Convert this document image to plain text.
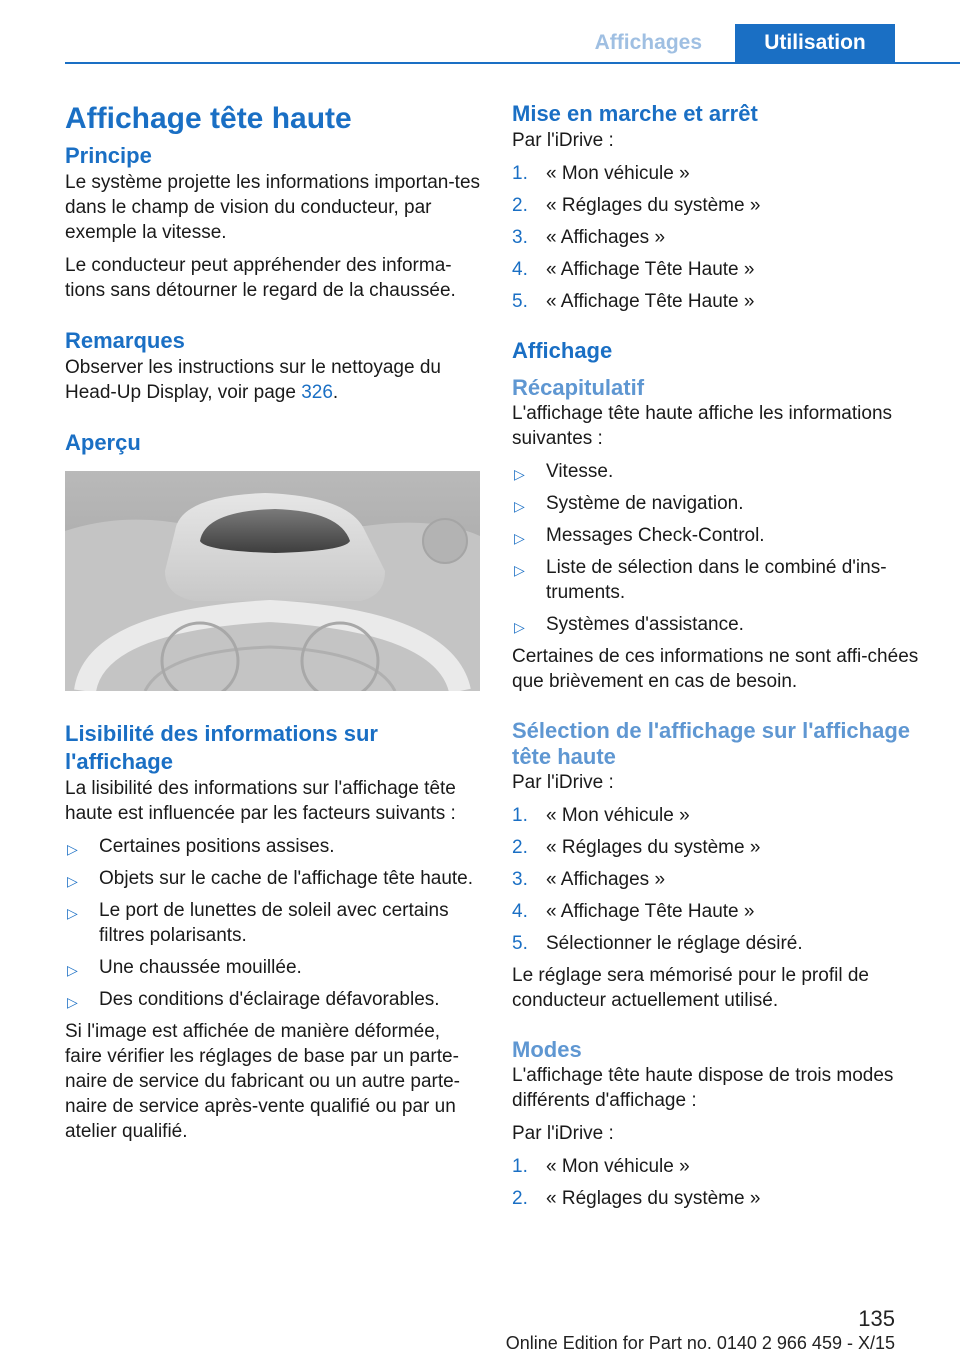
Affichages	Utilisation
Affichage tête haute
Principe

Le système projette les informations importan-tes dans le champ de vision du conducteur, par exemple la vitesse.

Le conducteur peut appréhender des informa-tions sans détourner le regard de la chaussée.

Remarques

Observer les instructions sur le nettoyage du Head-Up Display, voir page 326.

Aperçu
Lisibilité des informations sur l'affichage

La lisibilité des informations sur l'affichage tête haute est influencée par les facteurs suivants :

▷ Certaines positions assises.
▷ Objets sur le cache de l'affichage tête haute.
▷ Le port de lunettes de soleil avec certains filtres polarisants.
▷ Une chaussée mouillée.
▷ Des conditions d'éclairage défavorables.

Si l'image est affichée de manière déformée, faire vérifier les réglages de base par un parte-naire de service du fabricant ou un autre parte-naire de service après-vente qualifié ou par un atelier qualifié.

Mise en marche et arrêt

Par l'iDrive :

1. « Mon véhicule »
2. « Réglages du système »
3. « Affichages »
4. « Affichage Tête Haute »
5. « Affichage Tête Haute »
Affichage
Récapitulatif

L'affichage tête haute affiche les informations suivantes :

▷ Vitesse.
▷ Système de navigation.
▷ Messages Check-Control.
▷ Liste de sélection dans le combiné d'ins-truments.
▷ Systèmes d'assistance.

Certaines de ces informations ne sont affi-chées que brièvement en cas de besoin.

Sélection de l'affichage sur l'affichage tête haute

Par l'iDrive :

1. « Mon véhicule »
2. « Réglages du système »
3. « Affichages »
4. « Affichage Tête Haute »
5. Sélectionner le réglage désiré.

Le réglage sera mémorisé pour le profil de conducteur actuellement utilisé.

Modes

L'affichage tête haute dispose de trois modes différents d'affichage :

Par l'iDrive :

1. « Mon véhicule »
2. « Réglages du système »
135
Online Edition for Part no. 0140 2 966 459 - X/15
